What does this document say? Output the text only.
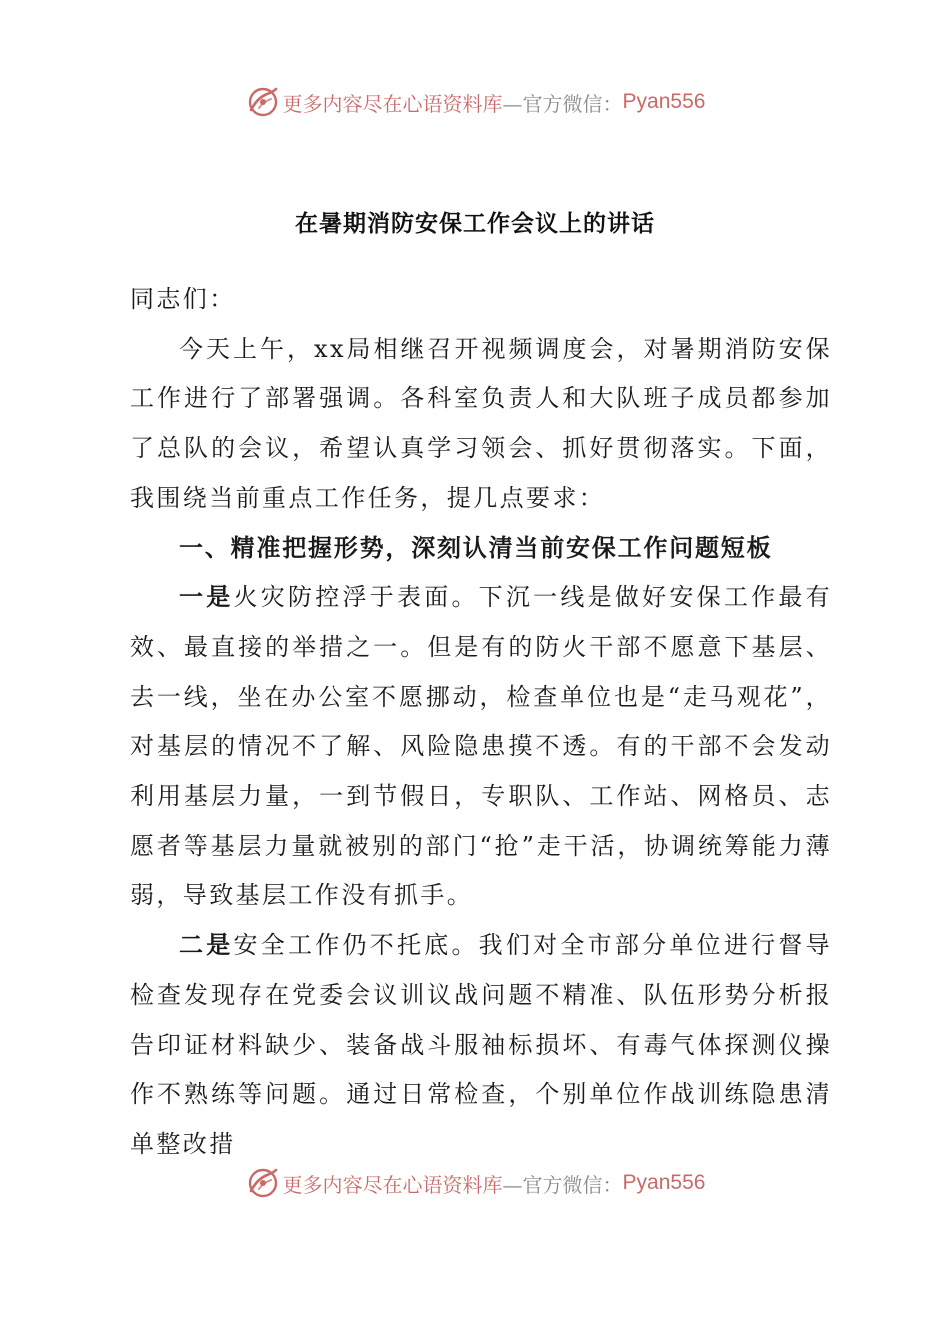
更多内容尽在心语资料库 —官方微信： Pyan556
在暑期消防安保工作会议上的讲话

同志们：

今天上午，xx局相继召开视频调度会，对暑期消防安保工作进行了部署强调。各科室负责人和大队班子成员都参加了总队的会议，希望认真学习领会、抓好贯彻落实。下面，我围绕当前重点工作任务，提几点要求：

一、精准把握形势，深刻认清当前安保工作问题短板

一是火灾防控浮于表面。下沉一线是做好安保工作最有效、最直接的举措之一。但是有的防火干部不愿意下基层、去一线，坐在办公室不愿挪动，检查单位也是“走马观花”，对基层的情况不了解、风险隐患摸不透。有的干部不会发动利用基层力量，一到节假日，专职队、工作站、网格员、志愿者等基层力量就被别的部门“抢”走干活，协调统筹能力薄弱，导致基层工作没有抓手。

二是安全工作仍不托底。我们对全市部分单位进行督导检查发现存在党委会议训议战问题不精准、队伍形势分析报告印证材料缺少、装备战斗服袖标损坏、有毒气体探测仪操作不熟练等问题。通过日常检查，个别单位作战训练隐患清单整改措

更多内容尽在心语资料库 —官方微信： Pyan556
